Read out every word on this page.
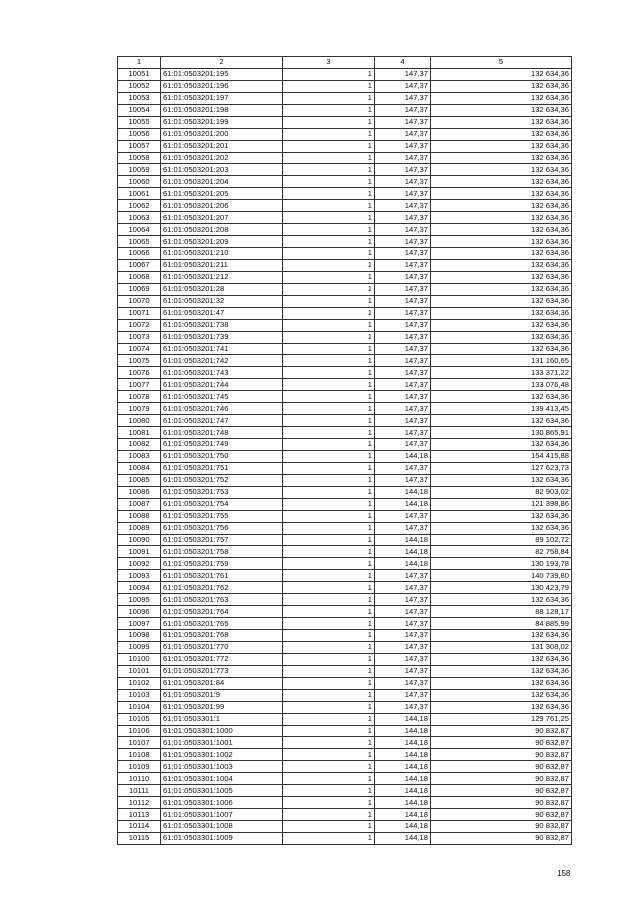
1	2	3	4	5
10051	61:01:0503201:195	1	147,37	132 634,36
10052	61:01:0503201:196	1	147,37	132 634,36
10053	61:01:0503201:197	1	147,37	132 634,36
10054	61:01:0503201:198	1	147,37	132 634,36
10055	61:01:0503201:199	1	147,37	132 634,36
10056	61:01:0503201:200	1	147,37	132 634,36
10057	61:01:0503201:201	1	147,37	132 634,36
10058	61:01:0503201:202	1	147,37	132 634,36
10059	61:01:0503201:203	1	147,37	132 634,36
10060	61:01:0503201:204	1	147,37	132 634,36
10061	61:01:0503201:205	1	147,37	132 634,36
10062	61:01:0503201:206	1	147,37	132 634,36
10063	61:01:0503201:207	1	147,37	132 634,36
10064	61:01:0503201:208	1	147,37	132 634,36
10065	61:01:0503201:209	1	147,37	132 634,36
10066	61:01:0503201:210	1	147,37	132 634,36
10067	61:01:0503201:211	1	147,37	132 634,36
10068	61:01:0503201:212	1	147,37	132 634,36
10069	61:01:0503201:28	1	147,37	132 634,36
10070	61:01:0503201:32	1	147,37	132 634,36
10071	61:01:0503201:47	1	147,37	132 634,36
10072	61:01:0503201:738	1	147,37	132 634,36
10073	61:01:0503201:739	1	147,37	132 634,36
10074	61:01:0503201:741	1	147,37	132 634,36
10075	61:01:0503201:742	1	147,37	131 160,65
10076	61:01:0503201:743	1	147,37	133 371,22
10077	61:01:0503201:744	1	147,37	133 076,48
10078	61:01:0503201:745	1	147,37	132 634,36
10079	61:01:0503201:746	1	147,37	139 413,45
10080	61:01:0503201:747	1	147,37	132 634,36
10081	61:01:0503201:748	1	147,37	130 865,91
10082	61:01:0503201:749	1	147,37	132 634,36
10083	61:01:0503201:750	1	144,18	154 415,88
10084	61:01:0503201:751	1	147,37	127 623,73
10085	61:01:0503201:752	1	147,37	132 634,36
10086	61:01:0503201:753	1	144,18	82 903,02
10087	61:01:0503201:754	1	144,18	121 398,86
10088	61:01:0503201:755	1	147,37	132 634,36
10089	61:01:0503201:756	1	147,37	132 634,36
10090	61:01:0503201:757	1	144,18	89 102,72
10091	61:01:0503201:758	1	144,18	82 758,84
10092	61:01:0503201:759	1	144,18	130 193,78
10093	61:01:0503201:761	1	147,37	140 739,80
10094	61:01:0503201:762	1	147,37	130 423,79
10095	61:01:0503201:763	1	147,37	132 634,36
10096	61:01:0503201:764	1	147,37	88 128,17
10097	61:01:0503201:765	1	147,37	84 885,99
10098	61:01:0503201:768	1	147,37	132 634,36
10099	61:01:0503201:770	1	147,37	131 308,02
10100	61:01:0503201:772	1	147,37	132 634,36
10101	61:01:0503201:773	1	147,37	132 634,36
10102	61:01:0503201:84	1	147,37	132 634,36
10103	61:01:0503201:9	1	147,37	132 634,36
10104	61:01:0503201:99	1	147,37	132 634,36
10105	61:01:0503301:1	1	144,18	129 761,25
10106	61:01:0503301:1000	1	144,18	90 832,87
10107	61:01:0503301:1001	1	144,18	90 832,87
10108	61:01:0503301:1002	1	144,18	90 832,87
10109	61:01:0503301:1003	1	144,18	90 832,87
10110	61:01:0503301:1004	1	144,18	90 832,87
10111	61:01:0503301:1005	1	144,18	90 832,87
10112	61:01:0503301:1006	1	144,18	90 832,87
10113	61:01:0503301:1007	1	144,18	90 832,87
10114	61:01:0503301:1008	1	144,18	90 832,87
10115	61:01:0503301:1009	1	144,18	90 832,87
158
